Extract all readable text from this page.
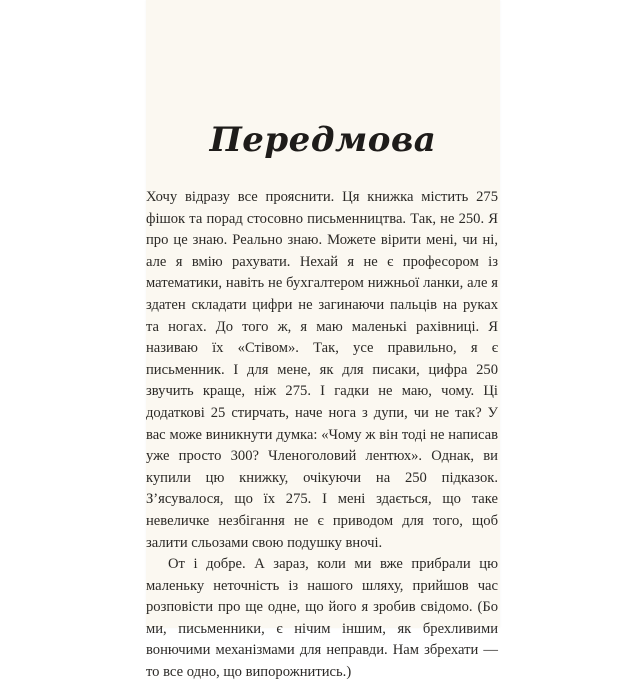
Передмова

Хочу відразу все прояснити. Ця книжка містить 275 фішок та порад стосовно письменництва. Так, не 250. Я про це знаю. Реально знаю. Можете вірити мені, чи ні, але я вмію рахувати. Нехай я не є професором із математики, навіть не бухгалтером нижньої ланки, але я здатен складати цифри не загинаючи пальців на руках та ногах. До того ж, я маю маленькі рахівниці. Я називаю їх «Стівом». Так, усе правильно, я є письменник. І для мене, як для писаки, цифра 250 звучить краще, ніж 275. І гадки не маю, чому. Ці додаткові 25 стирчать, наче нога з дупи, чи не так? У вас може виникнути думка: «Чому ж він тоді не написав уже просто 300? Членоголовий лентюх». Однак, ви купили цю книжку, очікуючи на 250 підказок. З’ясувалося, що їх 275. І мені здається, що таке невеличке незбігання не є приводом для того, щоб залити сльозами свою подушку вночі.

От і добре. А зараз, коли ми вже прибрали цю маленьку неточність із нашого шляху, прийшов час розповісти про ще одне, що його я зробив свідомо. (Бо ми, письменники, є нічим іншим, як брехливими вонючими механізмами для неправди. Нам збрехати — то все одно, що випорожнитись.)
